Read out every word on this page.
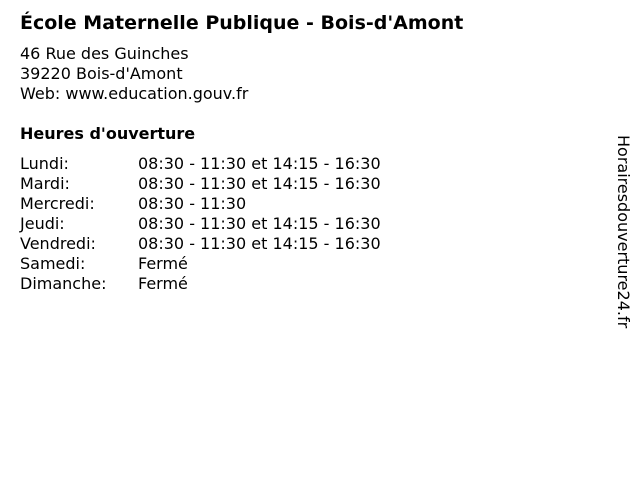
École Maternelle Publique - Bois-d'Amont
46 Rue des Guinches
39220 Bois-d'Amont
Web: www.education.gouv.fr
Heures d'ouverture
Lundi:	08:30 - 11:30 et 14:15 - 16:30
Mardi:	08:30 - 11:30 et 14:15 - 16:30
Mercredi:	08:30 - 11:30
Jeudi:	08:30 - 11:30 et 14:15 - 16:30
Vendredi:	08:30 - 11:30 et 14:15 - 16:30
Samedi:	Fermé
Dimanche: Fermé	Horairesdouverture24.fr
